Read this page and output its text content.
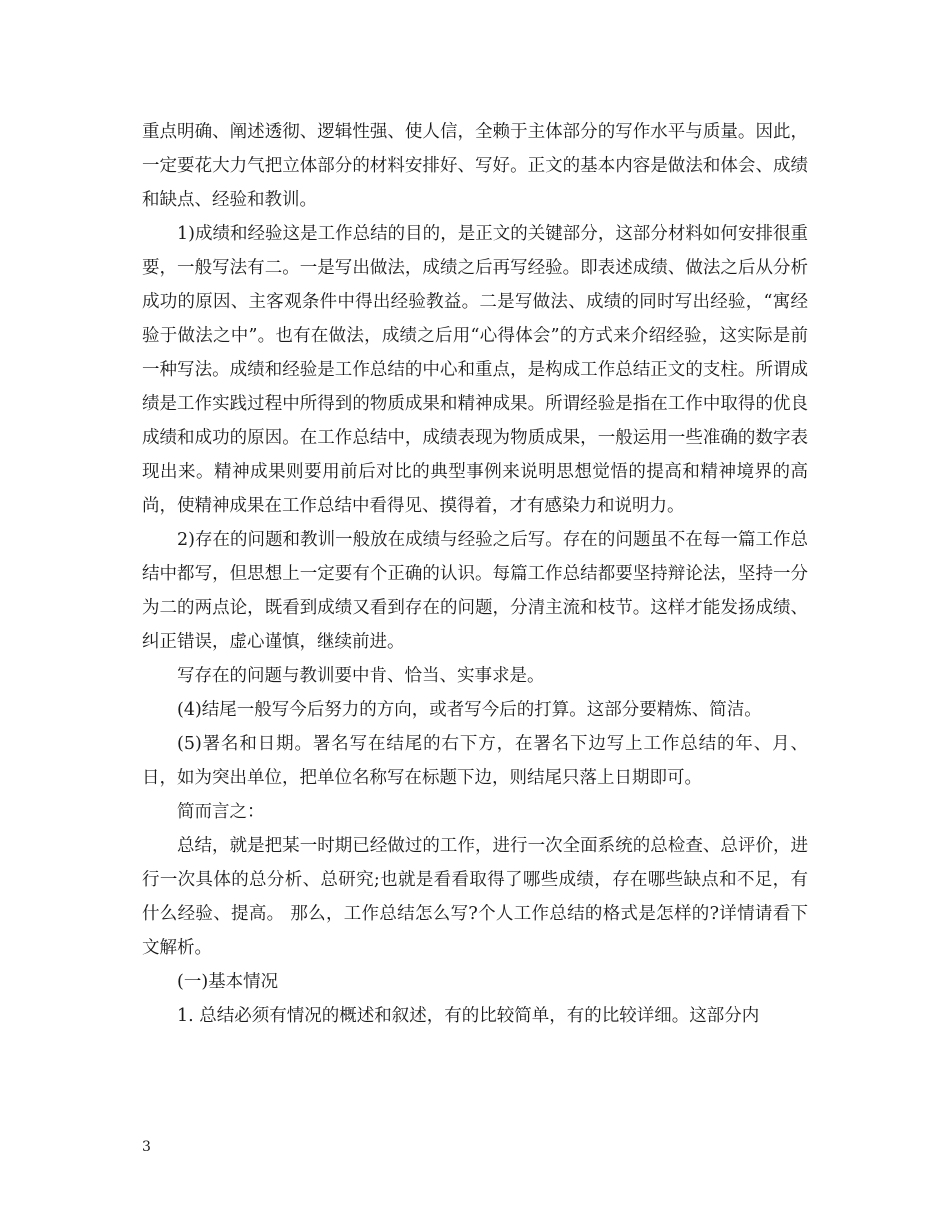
重点明确、阐述透彻、逻辑性强、使人信，全赖于主体部分的写作水平与质量。因此，一定要花大力气把立体部分的材料安排好、写好。正文的基本内容是做法和体会、成绩和缺点、经验和教训。

1)成绩和经验这是工作总结的目的，是正文的关键部分，这部分材料如何安排很重要，一般写法有二。一是写出做法，成绩之后再写经验。即表述成绩、做法之后从分析成功的原因、主客观条件中得出经验教益。二是写做法、成绩的同时写出经验，“寓经验于做法之中”。也有在做法，成绩之后用“心得体会”的方式来介绍经验，这实际是前一种写法。成绩和经验是工作总结的中心和重点，是构成工作总结正文的支柱。所谓成绩是工作实践过程中所得到的物质成果和精神成果。所谓经验是指在工作中取得的优良成绩和成功的原因。在工作总结中，成绩表现为物质成果，一般运用一些准确的数字表现出来。精神成果则要用前后对比的典型事例来说明思想觉悟的提高和精神境界的高尚，使精神成果在工作总结中看得见、摸得着，才有感染力和说明力。

2)存在的问题和教训一般放在成绩与经验之后写。存在的问题虽不在每一篇工作总结中都写，但思想上一定要有个正确的认识。每篇工作总结都要坚持辩论法，坚持一分为二的两点论，既看到成绩又看到存在的问题，分清主流和枝节。这样才能发扬成绩、纠正错误，虚心谨慎，继续前进。

写存在的问题与教训要中肯、恰当、实事求是。

(4)结尾一般写今后努力的方向，或者写今后的打算。这部分要精炼、简洁。

(5)署名和日期。署名写在结尾的右下方，在署名下边写上工作总结的年、月、日，如为突出单位，把单位名称写在标题下边，则结尾只落上日期即可。

简而言之：

总结，就是把某一时期已经做过的工作，进行一次全面系统的总检查、总评价，进行一次具体的总分析、总研究;也就是看看取得了哪些成绩，存在哪些缺点和不足，有什么经验、提高。 那么，工作总结怎么写?个人工作总结的格式是怎样的?详情请看下文解析。

(一)基本情况

1. 总结必须有情况的概述和叙述，有的比较简单，有的比较详细。这部分内

3
